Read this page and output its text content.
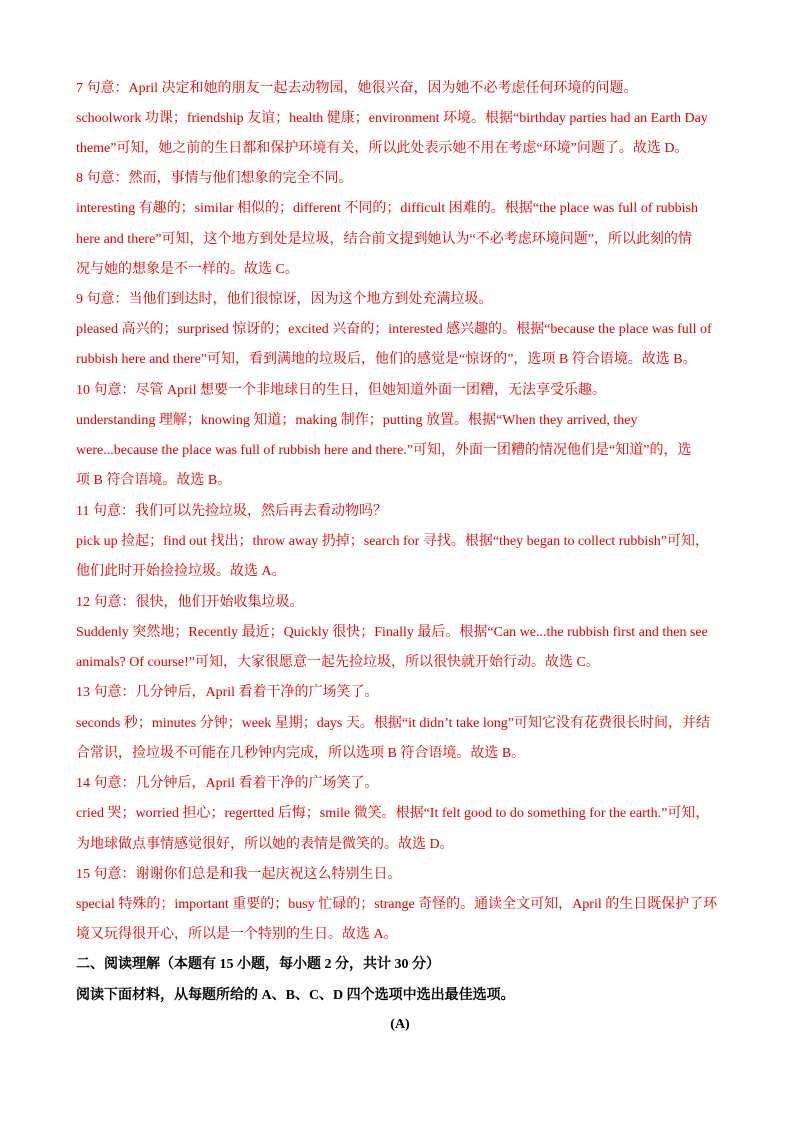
7 句意：April 决定和她的朋友一起去动物园，她很兴奋，因为她不必考虑任何环境的问题。
schoolwork 功课；friendship 友谊；health 健康；environment 环境。根据“birthday parties had an Earth Day
theme”可知，她之前的生日都和保护环境有关，所以此处表示她不用在考虑“环境”问题了。故选 D。
8 句意：然而，事情与他们想象的完全不同。
interesting 有趣的；similar 相似的；different 不同的；difficult 困难的。根据“the place was full of rubbish
here and there”可知，这个地方到处是垃圾，结合前文提到她认为“不必考虑环境问题”，所以此刻的情
况与她的想象是不一样的。故选 C。
9 句意：当他们到达时，他们很惊讶，因为这个地方到处充满垃圾。
pleased 高兴的；surprised 惊讶的；excited 兴奋的；interested 感兴趣的。根据“because the place was full of
rubbish here and there”可知，看到满地的垃圾后，他们的感觉是“惊讶的”，选项 B 符合语境。故选 B。
10 句意：尽管 April 想要一个非地球日的生日，但她知道外面一团糟，无法享受乐趣。
understanding 理解；knowing 知道；making 制作；putting 放置。根据“When they arrived, they
were...because the place was full of rubbish here and there.”可知，外面一团糟的情况他们是“知道”的，选
项 B 符合语境。故选 B。
11 句意：我们可以先捡垃圾，然后再去看动物吗？
pick up 捡起；find out 找出；throw away 扔掉；search for 寻找。根据“they began to collect rubbish”可知，
他们此时开始捡捡垃圾。故选 A。
12 句意：很快，他们开始收集垃圾。
Suddenly 突然地；Recently 最近；Quickly 很快；Finally 最后。根据“Can we...the rubbish first and then see
animals? Of course!”可知，大家很愿意一起先捡垃圾，所以很快就开始行动。故选 C。
13 句意：几分钟后，April 看着干净的广场笑了。
seconds 秒；minutes 分钟；week 星期；days 天。根据“it didn’t take long”可知它没有花费很长时间，并结
合常识，捡垃圾不可能在几秒钟内完成，所以选项 B 符合语境。故选 B。
14 句意：几分钟后，April 看着干净的广场笑了。
cried 哭；worried 担心；regertted 后悔；smile 微笑。根据“It felt good to do something for the earth.”可知，
为地球做点事情感觉很好，所以她的表情是微笑的。故选 D。
15 句意：谢谢你们总是和我一起庆祝这么特别生日。
special 特殊的；important 重要的；busy 忙碌的；strange 奇怪的。通读全文可知，April 的生日既保护了环
境又玩得很开心，所以是一个特别的生日。故选 A。
二、阅读理解（本题有 15 小题，每小题 2 分，共计 30 分）
阅读下面材料，从每题所给的 A、B、C、D 四个选项中选出最佳选项。
(A)
